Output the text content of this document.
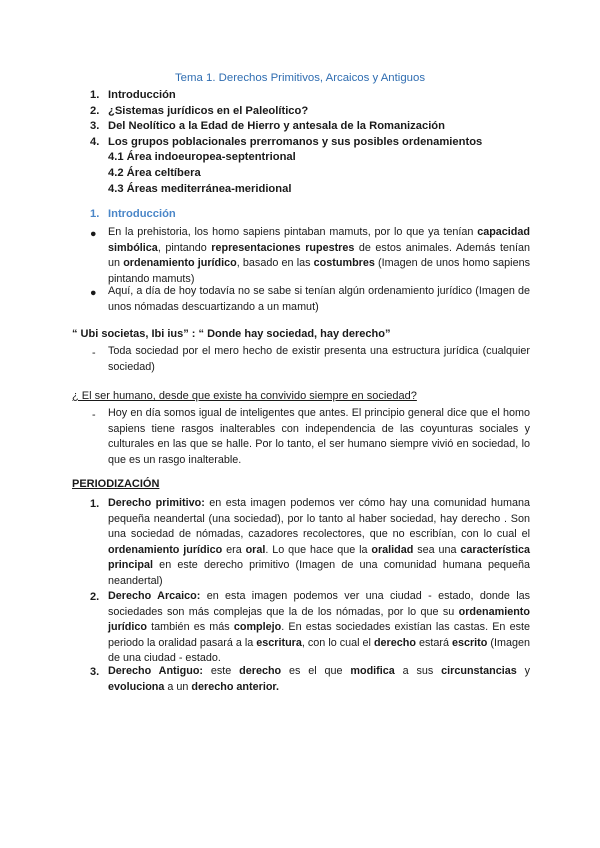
Tema 1. Derechos Primitivos, Arcaicos y Antiguos
1. Introducción
2. ¿Sistemas jurídicos en el Paleolítico?
3. Del Neolítico a la Edad de Hierro y antesala de la Romanización
4. Los grupos poblacionales prerromanos y sus posibles ordenamientos
4.1 Área indoeuropea-septentrional
4.2 Área celtíbera
4.3 Áreas mediterránea-meridional
1. Introducción
● En la prehistoria, los homo sapiens pintaban mamuts, por lo que ya tenían capacidad simbólica, pintando representaciones rupestres de estos animales. Además tenían un ordenamiento jurídico, basado en las costumbres (Imagen de unos homo sapiens pintando mamuts)
● Aquí, a día de hoy todavía no se sabe si tenían algún ordenamiento jurídico (Imagen de unos nómadas descuartizando a un mamut)
“ Ubi societas, Ibi ius” : “ Donde hay sociedad, hay derecho”
- Toda sociedad por el mero hecho de existir presenta una estructura jurídica (cualquier sociedad)
¿ El ser humano, desde que existe ha convivido siempre en sociedad?
- Hoy en día somos igual de inteligentes que antes. El principio general dice que el homo sapiens tiene rasgos inalterables con independencia de las coyunturas sociales y culturales en las que se halle. Por lo tanto, el ser humano siempre vivió en sociedad, lo que es un rasgo inalterable.
PERIODIZACIÓN
1. Derecho primitivo: en esta imagen podemos ver cómo hay una comunidad humana pequeña neandertal (una sociedad), por lo tanto al haber sociedad, hay derecho . Son una sociedad de nómadas, cazadores recolectores, que no escribían, con lo cual el ordenamiento jurídico era oral. Lo que hace que la oralidad sea una característica principal en este derecho primitivo (Imagen de una comunidad humana pequeña neandertal)
2. Derecho Arcaico: en esta imagen podemos ver una ciudad - estado, donde las sociedades son más complejas que la de los nómadas, por lo que su ordenamiento jurídico también es más complejo. En estas sociedades existían las castas. En este periodo la oralidad pasará a la escritura, con lo cual el derecho estará escrito (Imagen de una ciudad - estado.
3. Derecho Antiguo: este derecho es el que modifica a sus circunstancias y evoluciona a un derecho anterior.
